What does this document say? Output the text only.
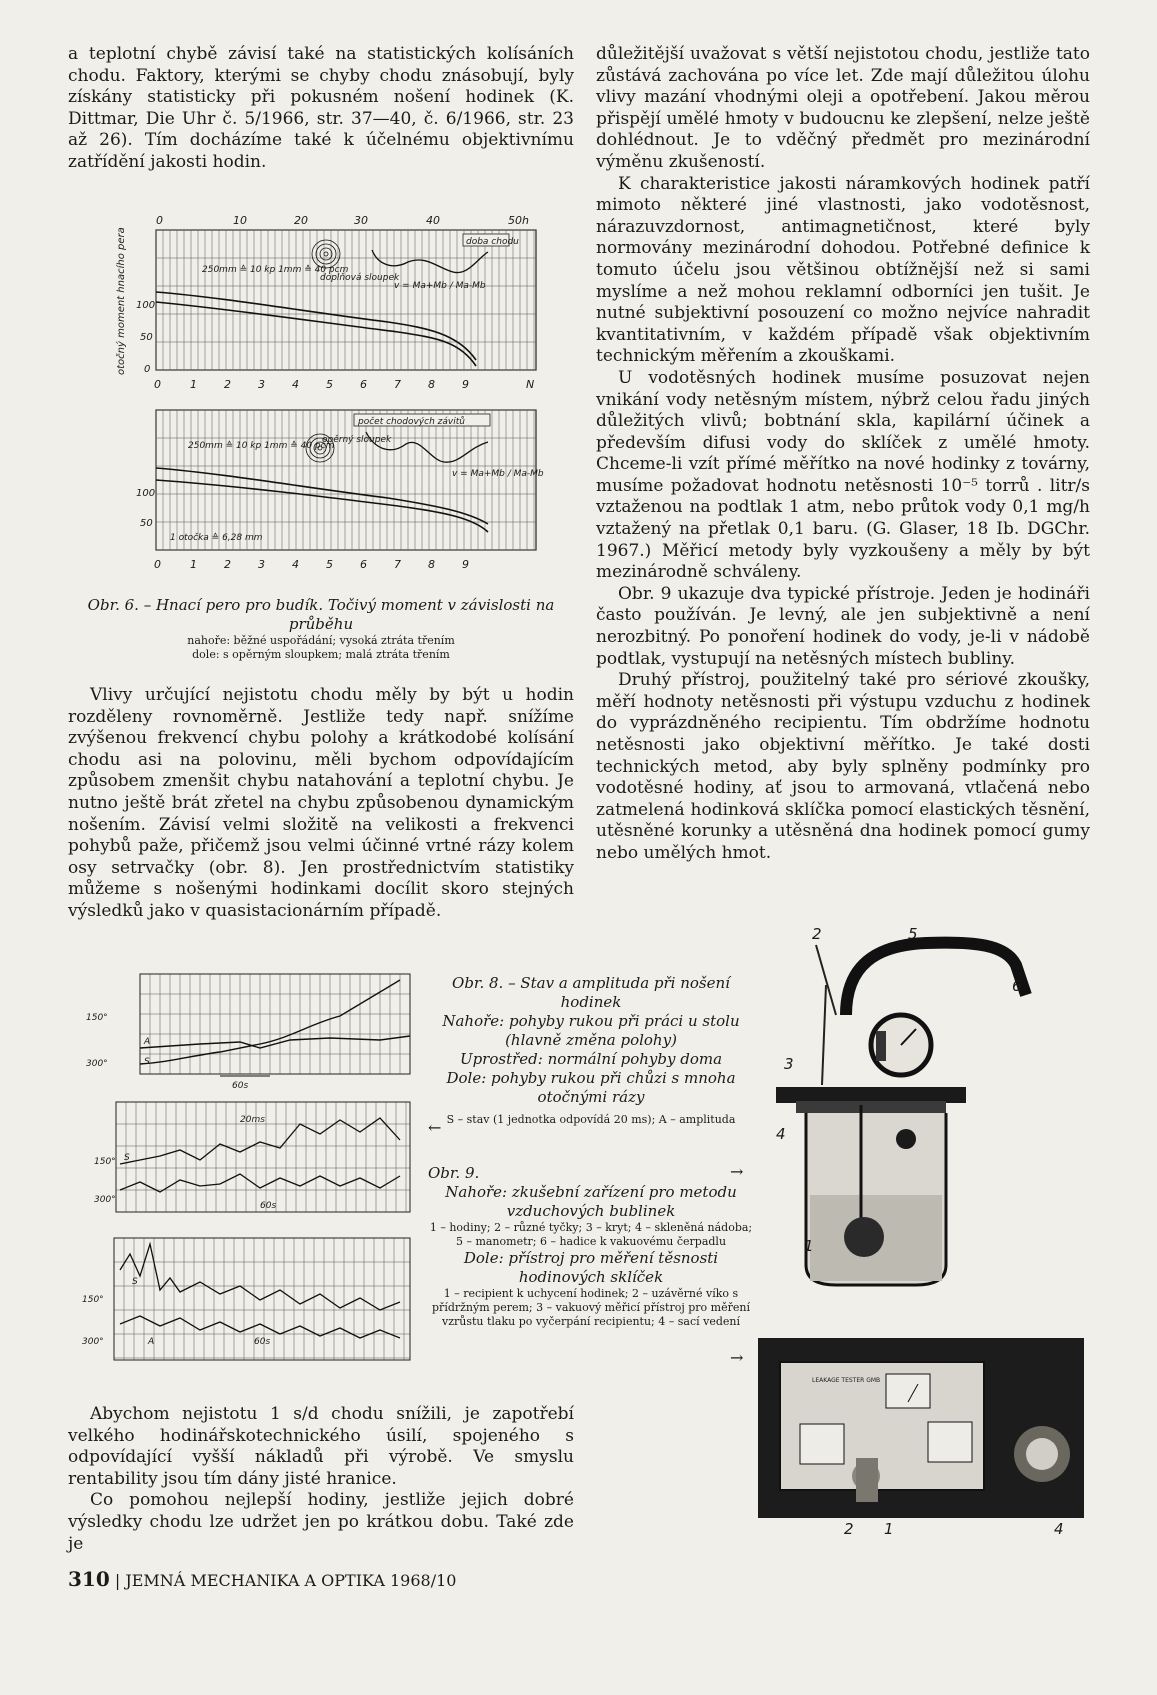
a teplotní chybě závisí také na statistických kolísáních chodu. Faktory, kterými se chyby chodu znásobují, byly získány statisticky při pokusném nošení hodinek (K. Dittmar, Die Uhr č. 5/1966, str. 37—40, č. 6/1966, str. 23 až 26). Tím docházíme také k účelnému objektivnímu zatřídění jakosti hodin.

0	10	20	30	40	50h
0	1 2 3 4 5 6 7 8 9	N
100
50
0
otočný moment hnacího pera	doba chodu
250mm ≙ 10 kp 1mm ≙ 40 pcm
doplňová sloupek
v = Ma+Mb / Ma-Mb
počet chodových závitů
250mm ≙ 10 kp 1mm ≙ 40 pcm
opěrný sloupek
v = Ma+Mb / Ma-Mb
1 otočka ≙ 6,28 mm
100
50
0	1 2 3 4 5 6 7 8 9
Obr. 6. – Hnací pero pro budík. Točivý moment v závislosti na průběhu
nahoře: běžné uspořádání; vysoká ztráta třením
dole: s opěrným sloupkem; malá ztráta třením

Vlivy určující nejistotu chodu měly by být u hodin rozděleny rovnoměrně. Jestliže tedy např. snížíme zvýšenou frekvencí chybu polohy a krátkodobé kolísání chodu asi na polovinu, měli bychom odpovídajícím způsobem zmenšit chybu natahování a teplotní chybu. Je nutno ještě brát zřetel na chybu způsobenou dynamickým nošením. Závisí velmi složitě na velikosti a frekvenci pohybů paže, přičemž jsou velmi účinné vrtné rázy kolem osy setrvačky (obr. 8). Jen prostřednictvím statistiky můžeme s nošenými hodinkami docílit skoro stejných výsledků jako v quasistacionárním případě.

150°
300°
A
S
60s
150°
300°
20ms
S
60s
150°
300°
S
A	60s
Obr. 8. – Stav a amplituda při nošení hodinek
Nahoře: pohyby rukou při práci u stolu (hlavně změna polohy)
Uprostřed: normální pohyby doma
Dole: pohyby rukou při chůzi s mnoha otočnými rázy
S – stav (1 jednotka odpovídá 20 ms); A – amplituda
←
Obr. 9.
Nahoře: zkušební zařízení pro metodu vzduchových bublinek
1 – hodiny; 2 – různé tyčky; 3 – kryt; 4 – skleněná nádoba; 5 – manometr; 6 – hadice k vakuovému čerpadlu
Dole: přístroj pro měření těsnosti hodinových sklíček
1 – recipient k uchycení hodinek; 2 – uzávěrné víko s přídržným perem; 3 – vakuový měřicí přístroj pro měření vzrůstu tlaku po vyčerpání recipientu; 4 – sací vedení
→
→
2	5
6
3
4
1
LEAKAGE TESTER GMB
2 1	4

Abychom nejistotu 1 s/d chodu snížili, je zapotřebí velkého hodinářskotechnického úsilí, spojeného s odpovídající vyšší nákladů při výrobě. Ve smyslu rentability jsou tím dány jisté hranice.

Co pomohou nejlepší hodiny, jestliže jejich dobré výsledky chodu lze udržet jen po krátkou dobu. Také zde je

důležitější uvažovat s větší nejistotou chodu, jestliže tato zůstává zachována po více let. Zde mají důležitou úlohu vlivy mazání vhodnými oleji a opotřebení. Jakou měrou přispějí umělé hmoty v budoucnu ke zlepšení, nelze ještě dohlédnout. Je to vděčný předmět pro mezinárodní výměnu zkušeností.

K charakteristice jakosti náramkových hodinek patří mimoto některé jiné vlastnosti, jako vodotěsnost, nárazuvzdornost, antimagnetičnost, které byly normovány mezinárodní dohodou. Potřebné definice k tomuto účelu jsou většinou obtížnější než si sami myslíme a než mohou reklamní odborníci jen tušit. Je nutné subjektivní posouzení co možno nejvíce nahradit kvantitativním, v každém případě však objektivním technickým měřením a zkouškami.

U vodotěsných hodinek musíme posuzovat nejen vnikání vody netěsným místem, nýbrž celou řadu jiných důležitých vlivů; bobtnání skla, kapilární účinek a především difusi vody do sklíček z umělé hmoty. Chceme-li vzít přímé měřítko na nové hodinky z továrny, musíme požadovat hodnotu netěsnosti 10⁻⁵ torrů . litr/s vztaženou na podtlak 1 atm, nebo průtok vody 0,1 mg/h vztažený na přetlak 0,1 baru. (G. Glaser, 18 Ib. DGChr. 1967.) Měřicí metody byly vyzkoušeny a měly by být mezinárodně schváleny.

Obr. 9 ukazuje dva typické přístroje. Jeden je hodináři často používán. Je levný, ale jen subjektivně a není nerozbitný. Po ponoření hodinek do vody, je-li v nádobě podtlak, vystupují na netěsných místech bubliny.

Druhý přístroj, použitelný také pro sériové zkoušky, měří hodnoty netěsnosti při výstupu vzduchu z hodinek do vyprázdněného recipientu. Tím obdržíme hodnotu netěsnosti jako objektivní měřítko. Je také dosti technických metod, aby byly splněny podmínky pro vodotěsné hodiny, ať jsou to armovaná, vtlačená nebo zatmelená hodinková sklíčka pomocí elastických těsnění, utěsněné korunky a utěsněná dna hodinek pomocí gumy nebo umělých hmot.

310 | JEMNÁ MECHANIKA A OPTIKA 1968/10
